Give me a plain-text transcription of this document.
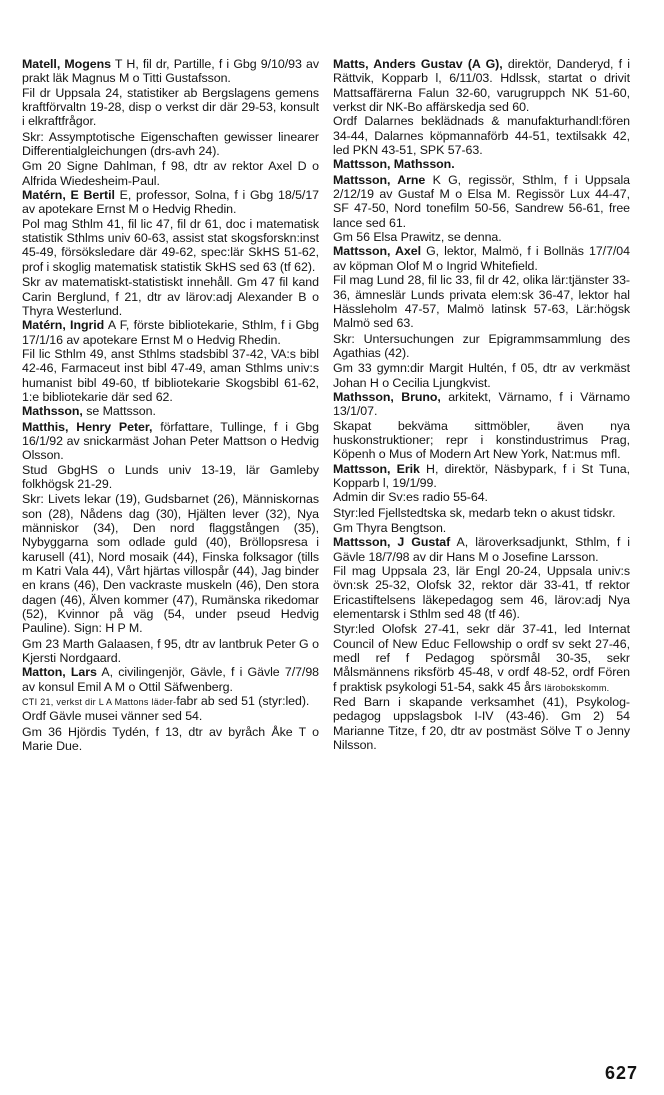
Matell, Mogens T H, fil dr, Partille, f i Gbg 9/10/93 av prakt läk Magnus M o Titti Gustafsson.

Fil dr Uppsala 24, statistiker ab Bergslagens gemens kraftförvaltn 19-28, disp o verkst dir där 29-53, konsult i elkraftfrågor.

Skr: Assymptotische Eigenschaften gewisser linearer Differentialgleichungen (drs-avh 24).

Gm 20 Signe Dahlman, f 98, dtr av rektor Axel D o Alfrida Wiedesheim-Paul.

Matérn, E Bertil E, professor, Solna, f i Gbg 18/5/17 av apotekare Ernst M o Hedvig Rhedin.

Pol mag Sthlm 41, fil lic 47, fil dr 61, doc i matematisk statistik Sthlms univ 60-63, assist stat skogsforskn:inst 45-49, försöksledare där 49-62, spec:lär SkHS 51-62, prof i skoglig matematisk statistik SkHS sed 63 (tf 62).

Skr av matematiskt-statistiskt innehåll. Gm 47 fil kand Carin Berglund, f 21, dtr av lärov:adj Alexander B o Thyra Westerlund.

Matérn, Ingrid A F, förste bibliotekarie, Sthlm, f i Gbg 17/1/16 av apotekare Ernst M o Hedvig Rhedin.

Fil lic Sthlm 49, anst Sthlms stadsbibl 37-42, VA:s bibl 42-46, Farmaceut inst bibl 47-49, aman Sthlms univ:s humanist bibl 49-60, tf bibliotekarie Skogsbibl 61-62, 1:e bibliotekarie där sed 62.

Mathsson, se Mattsson.

Matthis, Henry Peter, författare, Tullinge, f i Gbg 16/1/92 av snickarmäst Johan Peter Mattson o Hedvig Olsson.

Stud GbgHS o Lunds univ 13-19, lär Gamleby folkhögsk 21-29.

Skr: Livets lekar (19), Gudsbarnet (26), Människornas son (28), Nådens dag (30), Hjälten lever (32), Nya människor (34), Den nord flaggstången (35), Nybyggarna som odlade guld (40), Bröllopsresa i karusell (41), Nord mosaik (44), Finska folksagor (tills m Katri Vala 44), Vårt hjärtas villospår (44), Jag binder en krans (46), Den vackraste muskeln (46), Den stora dagen (46), Älven kommer (47), Rumänska rikedomar (52), Kvinnor på väg (54, under pseud Hedvig Pauline). Sign: H P M.

Gm 23 Marth Galaasen, f 95, dtr av lantbruk Peter G o Kjersti Nordgaard.

Matton, Lars A, civilingenjör, Gävle, f i Gävle 7/7/98 av konsul Emil A M o Ottil Säfwenberg.

CTI 21, verkst dir L A Mattons läder-fabr ab sed 51 (styr:led).

Ordf Gävle musei vänner sed 54.

Gm 36 Hjördis Tydén, f 13, dtr av byråch Åke T o Marie Due.

Matts, Anders Gustav (A G), direktör, Danderyd, f i Rättvik, Kopparb l, 6/11/03. Hdlssk, startat o drivit Mattsaffärerna Falun 32-60, varugruppch NK 51-60, verkst dir NK-Bo affärskedja sed 60.

Ordf Dalarnes beklädnads & manufakturhandl:fören 34-44, Dalarnes köpmannaförb 44-51, textilsakk 42, led PKN 43-51, SPK 57-63.

Mattsson, Mathsson.

Mattsson, Arne K G, regissör, Sthlm, f i Uppsala 2/12/19 av Gustaf M o Elsa M. Regissör Lux 44-47, SF 47-50, Nord tonefilm 50-56, Sandrew 56-61, free lance sed 61.

Gm 56 Elsa Prawitz, se denna.

Mattsson, Axel G, lektor, Malmö, f i Bollnäs 17/7/04 av köpman Olof M o Ingrid Whitefield.

Fil mag Lund 28, fil lic 33, fil dr 42, olika lär:tjänster 33-36, ämneslär Lunds privata elem:sk 36-47, lektor hal Hässleholm 47-57, Malmö latinsk 57-63, Lär:högsk Malmö sed 63.

Skr: Untersuchungen zur Epigrammsammlung des Agathias (42).

Gm 33 gymn:dir Margit Hultén, f 05, dtr av verkmäst Johan H o Cecilia Ljungkvist.

Mathsson, Bruno, arkitekt, Värnamo, f i Värnamo 13/1/07.

Skapat bekväma sittmöbler, även nya huskonstruktioner; repr i konstindustrimus Prag, Köpenh o Mus of Modern Art New York, Nat:mus mfl.

Mattsson, Erik H, direktör, Näsbypark, f i St Tuna, Kopparb l, 19/1/99.

Admin dir Sv:es radio 55-64.

Styr:led Fjellstedtska sk, medarb tekn o akust tidskr.

Gm Thyra Bengtson.

Mattsson, J Gustaf A, läroverksadjunkt, Sthlm, f i Gävle 18/7/98 av dir Hans M o Josefine Larsson.

Fil mag Uppsala 23, lär Engl 20-24, Uppsala univ:s övn:sk 25-32, Olofsk 32, rektor där 33-41, tf rektor Ericastiftelsens läkepedagog sem 46, lärov:adj Nya elementarsk i Sthlm sed 48 (tf 46).

Styr:led Olofsk 27-41, sekr där 37-41, led Internat Council of New Educ Fellowship o ordf sv sekt 27-46, medl ref f Pedagog spörsmål 30-35, sekr Målsmännens riksförb 45-48, v ordf 48-52, ordf Fören f praktisk psykologi 51-54, sakk 45 års lärobokskomm.

Red Barn i skapande verksamhet (41), Psykolog-pedagog uppslagsbok I-IV (43-46). Gm 2) 54 Marianne Titze, f 20, dtr av postmäst Sölve T o Jenny Nilsson.

627
